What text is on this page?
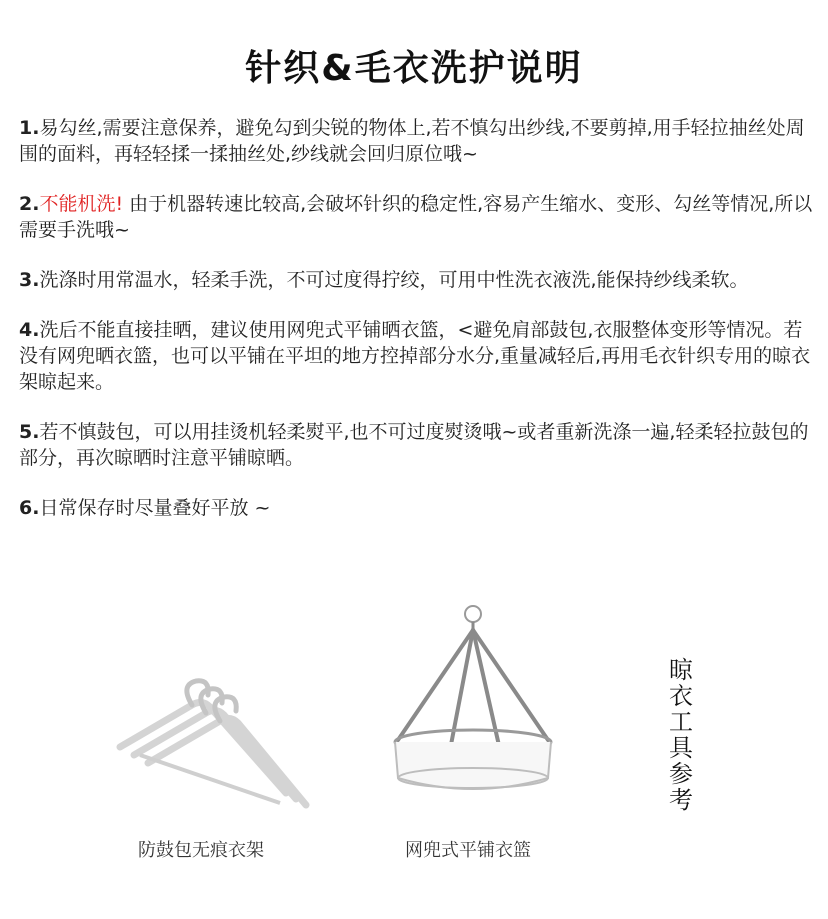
针织&毛衣洗护说明

1.易勾丝,需要注意保养，避免勾到尖锐的物体上,若不慎勾出纱线,不要剪掉,用手轻拉抽丝处周围的面料，再轻轻揉一揉抽丝处,纱线就会回归原位哦~

2.不能机洗! 由于机器转速比较高,会破坏针织的稳定性,容易产生缩水、变形、勾丝等情况,所以需要手洗哦~

3.洗涤时用常温水，轻柔手洗，不可过度得拧绞，可用中性洗衣液洗,能保持纱线柔软。

4.洗后不能直接挂晒，建议使用网兜式平铺晒衣篮，<避免肩部鼓包,衣服整体变形等情况。若没有网兜晒衣篮，也可以平铺在平坦的地方控掉部分水分,重量减轻后,再用毛衣针织专用的晾衣架晾起来。

5.若不慎鼓包，可以用挂烫机轻柔熨平,也不可过度熨烫哦~或者重新洗涤一遍,轻柔轻拉鼓包的部分，再次晾晒时注意平铺晾晒。

6.日常保存时尽量叠好平放 ~

防鼓包无痕衣架	网兜式平铺衣篮
晾衣工具参考
